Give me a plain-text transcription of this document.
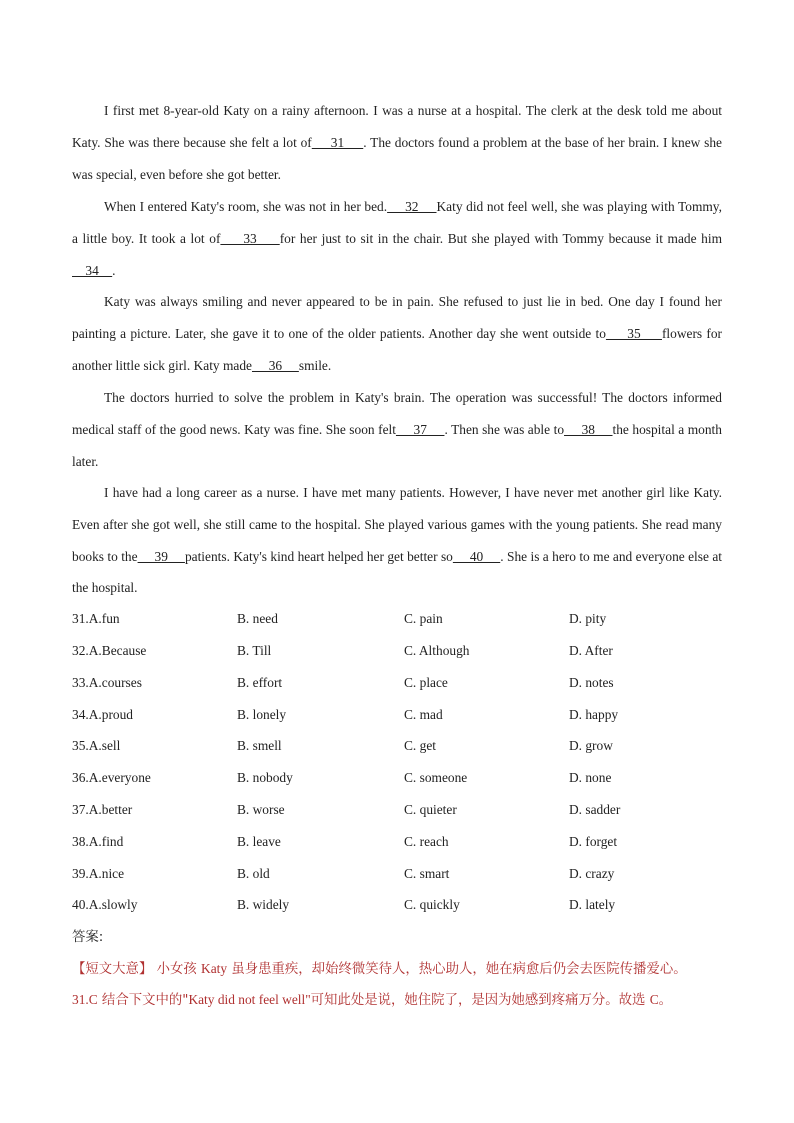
I first met 8-year-old Katy on a rainy afternoon. I was a nurse at a hospital. The clerk at the desk told me about Katy. She was there because she felt a lot of     31     . The doctors found a problem at the base of her brain. I knew she was special, even before she got better.

When I entered Katy's room, she was not in her bed.     32     Katy did not feel well, she was playing with Tommy, a little boy. It took a lot of     33     for her just to sit in the chair. But she played with Tommy because it made him    34    .

Katy was always smiling and never appeared to be in pain. She refused to just lie in bed. One day I found her painting a picture. Later, she gave it to one of the older patients. Another day she went outside to     35     flowers for another little sick girl. Katy made     36     smile.

The doctors hurried to solve the problem in Katy's brain. The operation was successful! The doctors informed medical staff of the good news. Katy was fine. She soon felt     37     . Then she was able to     38     the hospital a month later.

I have had a long career as a nurse. I have met many patients. However, I have never met another girl like Katy. Even after she got well, she still came to the hospital. She played various games with the young patients. She read many books to the     39     patients. Katy's kind heart helped her get better so     40     . She is a hero to me and everyone else at the hospital.

31.A.fun	B. need	C. pain	D. pity
32.A.Because	B. Till	C. Although	D. After
33.A.courses	B. effort	C. place	D. notes
34.A.proud	B. lonely	C. mad	D. happy
35.A.sell	B. smell	C. get	D. grow
36.A.everyone	B. nobody	C. someone	D. none
37.A.better	B. worse	C. quieter	D. sadder
38.A.find	B. leave	C. reach	D. forget
39.A.nice	B. old	C. smart	D. crazy
40.A.slowly	B. widely	C. quickly	D. lately
答案:
【短文大意】 小女孩 Katy 虽身患重疾，却始终微笑待人，热心助人，她在病愈后仍会去医院传播爱心。
31.C 结合下文中的"Katy did not feel well"可知此处是说，她住院了，是因为她感到疼痛万分。故选 C。
